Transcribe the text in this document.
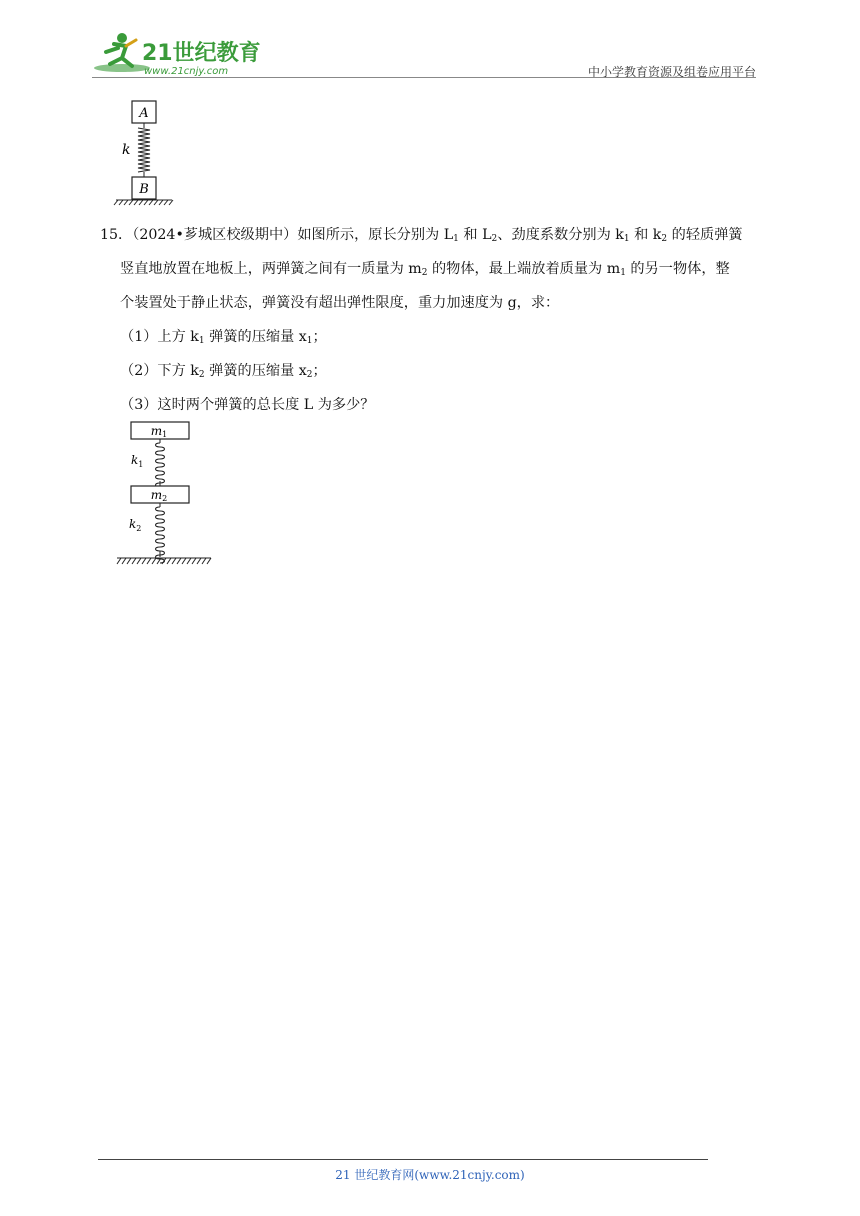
21世纪教育
www.21cnjy.com	中小学教育资源及组卷应用平台
A
k
B

15．（2024•芗城区校级期中）如图所示，原长分别为 $L_1$ 和 $L_2$、劲度系数分别为 $k_1$ 和 $k_2$ 的轻质弹簧

竖直地放置在地板上，两弹簧之间有一质量为 $m_2$ 的物体，最上端放着质量为 $m_1$ 的另一物体，整

个装置处于静止状态，弹簧没有超出弹性限度，重力加速度为 g，求：

（1）上方 $k_1$ 弹簧的压缩量 $x_1$；

（2）下方 $k_2$ 弹簧的压缩量 $x_2$；

（3）这时两个弹簧的总长度 L 为多少？

m1
$k_1$
m2
$k_2$
21 世纪教育网(www.21cnjy.com)
